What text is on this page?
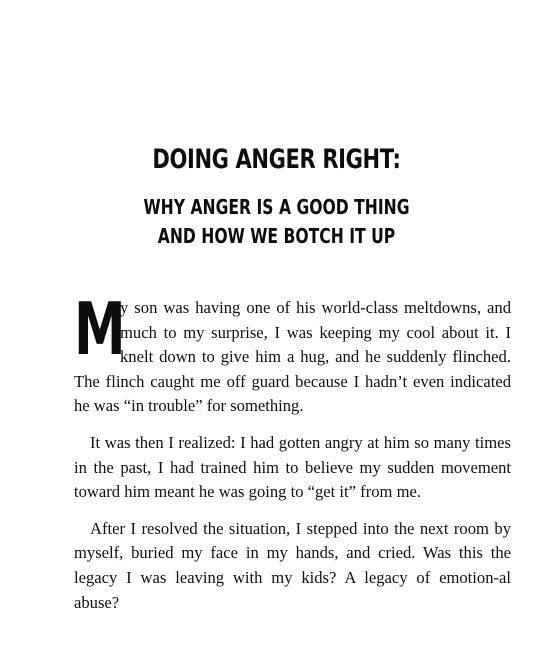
DOING ANGER RIGHT:
WHY ANGER IS A GOOD THING
AND HOW WE BOTCH IT UP

M
y son was having one of his world-class meltdowns, and much to my surprise, I was keeping my cool about it. I knelt down to give him a hug, and he suddenly flinched. The flinch caught me off guard because I hadn’t even indicated he was “in trouble” for something.

It was then I realized: I had gotten angry at him so many times in the past, I had trained him to believe my sudden movement toward him meant he was going to “get it” from me.

After I resolved the situation, I stepped into the next room by myself, buried my face in my hands, and cried. Was this the legacy I was leaving with my kids? A legacy of emotion-al abuse?
